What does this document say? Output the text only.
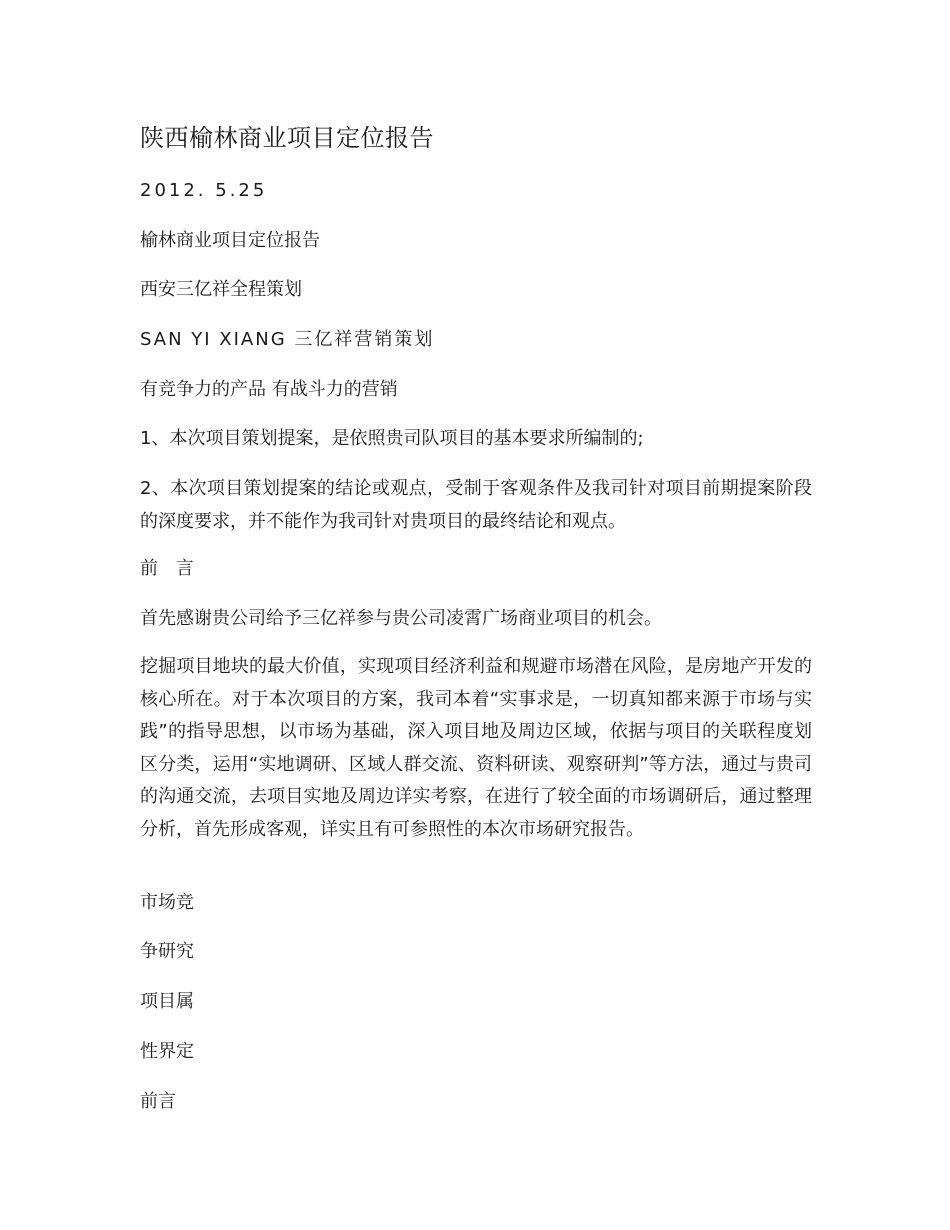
陕西榆林商业项目定位报告
2012. 5.25
榆林商业项目定位报告
西安三亿祥全程策划
SAN YI XIANG 三亿祥营销策划
有竞争力的产品 有战斗力的营销
1、本次项目策划提案，是依照贵司队项目的基本要求所编制的;
2、本次项目策划提案的结论或观点，受制于客观条件及我司针对项目前期提案阶段的深度要求，并不能作为我司针对贵项目的最终结论和观点。
前 言
首先感谢贵公司给予三亿祥参与贵公司凌霄广场商业项目的机会。
挖掘项目地块的最大价值，实现项目经济利益和规避市场潜在风险，是房地产开发的核心所在。对于本次项目的方案，我司本着“实事求是，一切真知都来源于市场与实践”的指导思想，以市场为基础，深入项目地及周边区域，依据与项目的关联程度划区分类，运用“实地调研、区域人群交流、资料研读、观察研判”等方法，通过与贵司的沟通交流，去项目实地及周边详实考察，在进行了较全面的市场调研后，通过整理分析，首先形成客观，详实且有可参照性的本次市场研究报告。
市场竞
争研究
项目属
性界定
前言
